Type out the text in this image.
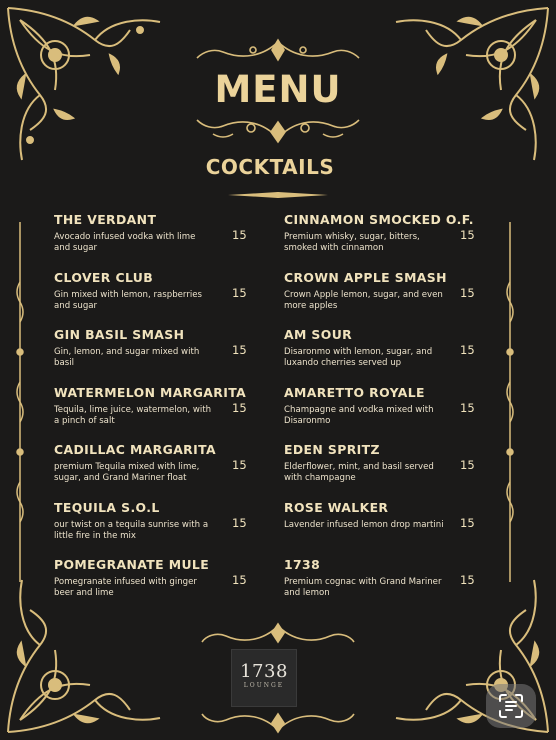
MENU
COCKTAILS
THE VERDANT
Avocado infused vodka with lime and sugar
15
CLOVER CLUB
Gin mixed with lemon, raspberries and sugar
15
GIN BASIL SMASH
Gin, lemon, and sugar mixed with basil
15
WATERMELON MARGARITA
Tequila, lime juice, watermelon, with a pinch of salt
15
CADILLAC MARGARITA
premium Tequila mixed with lime, sugar, and Grand Mariner float
15
TEQUILA S.O.L
our twist on a tequila sunrise with a little fire in the mix
15
POMEGRANATE MULE
Pomegranate infused with ginger beer and lime
15
CINNAMON SMOCKED O.F.
Premium whisky, sugar, bitters, smoked with cinnamon
15
CROWN APPLE SMASH
Crown Apple lemon, sugar, and even more apples
15
AM SOUR
Disaronmo with lemon, sugar, and luxando cherries served up
15
AMARETTO ROYALE
Champagne and vodka mixed with Disaronmo
15
EDEN SPRITZ
Elderflower, mint, and basil served with champagne
15
ROSE WALKER
Lavender infused lemon drop martini 15
1738
Premium cognac with Grand Mariner and lemon
15
1738
LOUNGE
